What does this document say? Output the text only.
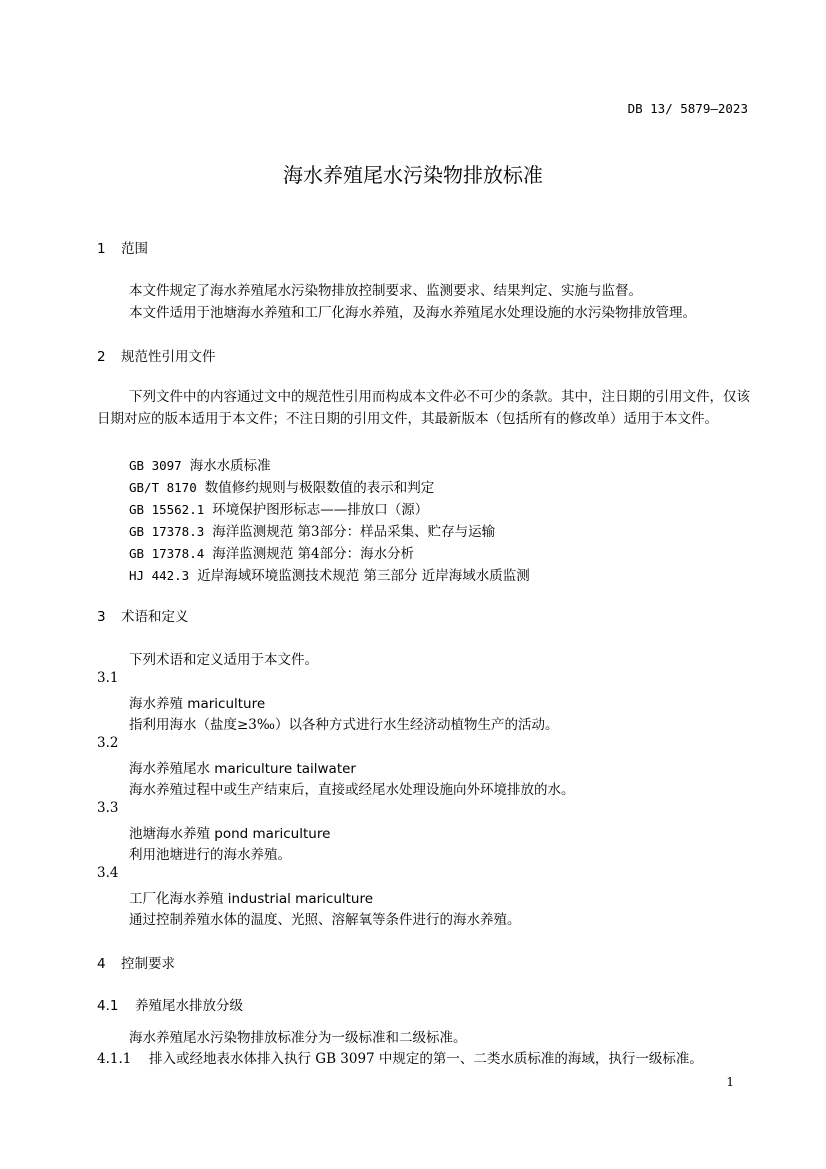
DB 13/ 5879—2023
海水养殖尾水污染物排放标准
1 范围
本文件规定了海水养殖尾水污染物排放控制要求、监测要求、结果判定、实施与监督。
本文件适用于池塘海水养殖和工厂化海水养殖，及海水养殖尾水处理设施的水污染物排放管理。
2 规范性引用文件
下列文件中的内容通过文中的规范性引用而构成本文件必不可少的条款。其中，注日期的引用文件，仅该日期对应的版本适用于本文件；不注日期的引用文件，其最新版本（包括所有的修改单）适用于本文件。
GB 3097 海水水质标准
GB/T 8170 数值修约规则与极限数值的表示和判定
GB 15562.1 环境保护图形标志——排放口（源）
GB 17378.3 海洋监测规范 第3部分：样品采集、贮存与运输
GB 17378.4 海洋监测规范 第4部分：海水分析
HJ 442.3 近岸海域环境监测技术规范 第三部分 近岸海域水质监测
3 术语和定义
下列术语和定义适用于本文件。
3.1
海水养殖 mariculture
指利用海水（盐度≥3‰）以各种方式进行水生经济动植物生产的活动。
3.2
海水养殖尾水 mariculture tailwater
海水养殖过程中或生产结束后，直接或经尾水处理设施向外环境排放的水。
3.3
池塘海水养殖 pond mariculture
利用池塘进行的海水养殖。
3.4
工厂化海水养殖 industrial mariculture
通过控制养殖水体的温度、光照、溶解氧等条件进行的海水养殖。
4 控制要求
4.1 养殖尾水排放分级
海水养殖尾水污染物排放标准分为一级标准和二级标准。
4.1.1 排入或经地表水体排入执行 GB 3097 中规定的第一、二类水质标准的海域，执行一级标准。
1
